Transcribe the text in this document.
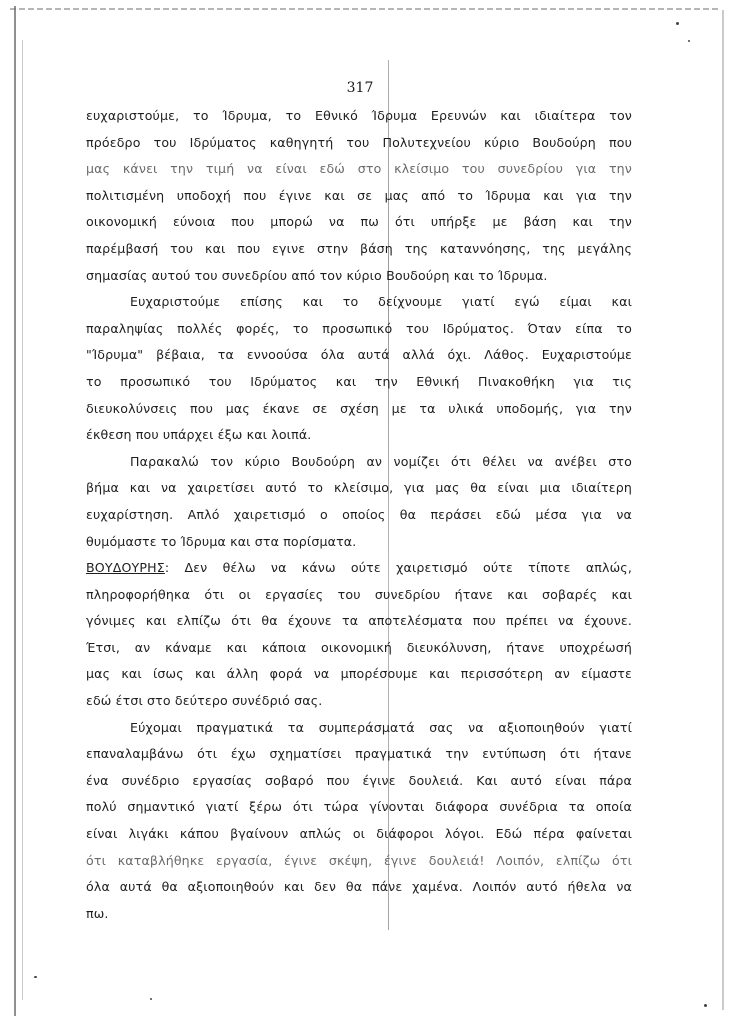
317
ευχαριστούμε, το Ίδρυμα, το Εθνικό Ίδρυμα Ερευνών και ιδιαίτερα τον
πρόεδρο του Ιδρύματος καθηγητή του Πολυτεχνείου κύριο Βουδούρη που
μας κάνει την τιμή να είναι εδώ στο κλείσιμο του συνεδρίου για την
πολιτισμένη υποδοχή που έγινε και σε μας από το Ίδρυμα και για την
οικονομική εύνοια που μπορώ να πω ότι υπήρξε με βάση και την
παρέμβασή του και που εγινε στην βάση της καταννόησης, της μεγάλης
σημασίας αυτού του συνεδρίου από τον κύριο Βουδούρη και το Ίδρυμα.
Ευχαριστούμε επίσης και το δείχνουμε γιατί εγώ είμαι και
παραληψίας πολλές φορές, το προσωπικό του Ιδρύματος. Όταν είπα το
"Ίδρυμα" βέβαια, τα εννοούσα όλα αυτά αλλά όχι. Λάθος. Ευχαριστούμε
το προσωπικό του Ιδρύματος και την Εθνική Πινακοθήκη για τις
διευκολύνσεις που μας έκανε σε σχέση με τα υλικά υποδομής, για την
έκθεση που υπάρχει έξω και λοιπά.
Παρακαλώ τον κύριο Βουδούρη αν νομίζει ότι θέλει να ανέβει στο
βήμα και να χαιρετίσει αυτό το κλείσιμο, για μας θα είναι μια ιδιαίτερη
ευχαρίστηση. Απλό χαιρετισμό ο οποίος θα περάσει εδώ μέσα για να
θυμόμαστε το Ίδρυμα και στα πορίσματα.
ΒΟΥΔΟΥΡΗΣ: Δεν θέλω να κάνω ούτε χαιρετισμό ούτε τίποτε απλώς,
πληροφορήθηκα ότι οι εργασίες του συνεδρίου ήτανε και σοβαρές και
γόνιμες και ελπίζω ότι θα έχουνε τα αποτελέσματα που πρέπει να έχουνε.
Έτσι, αν κάναμε και κάποια οικονομική διευκόλυνση, ήτανε υποχρέωσή
μας και ίσως και άλλη φορά να μπορέσουμε και περισσότερη αν είμαστε
εδώ έτσι στο δεύτερο συνέδριό σας.
Εύχομαι πραγματικά τα συμπεράσματά σας να αξιοποιηθούν γιατί
επαναλαμβάνω ότι έχω σχηματίσει πραγματικά την εντύπωση ότι ήτανε
ένα συνέδριο εργασίας σοβαρό που έγινε δουλειά. Και αυτό είναι πάρα
πολύ σημαντικό γιατί ξέρω ότι τώρα γίνονται διάφορα συνέδρια τα οποία
είναι λιγάκι κάπου βγαίνουν απλώς οι διάφοροι λόγοι. Εδώ πέρα φαίνεται
ότι καταβλήθηκε εργασία, έγινε σκέψη, έγινε δουλειά! Λοιπόν, ελπίζω ότι
όλα αυτά θα αξιοποιηθούν και δεν θα πάνε χαμένα. Λοιπόν αυτό ήθελα να
πω.
